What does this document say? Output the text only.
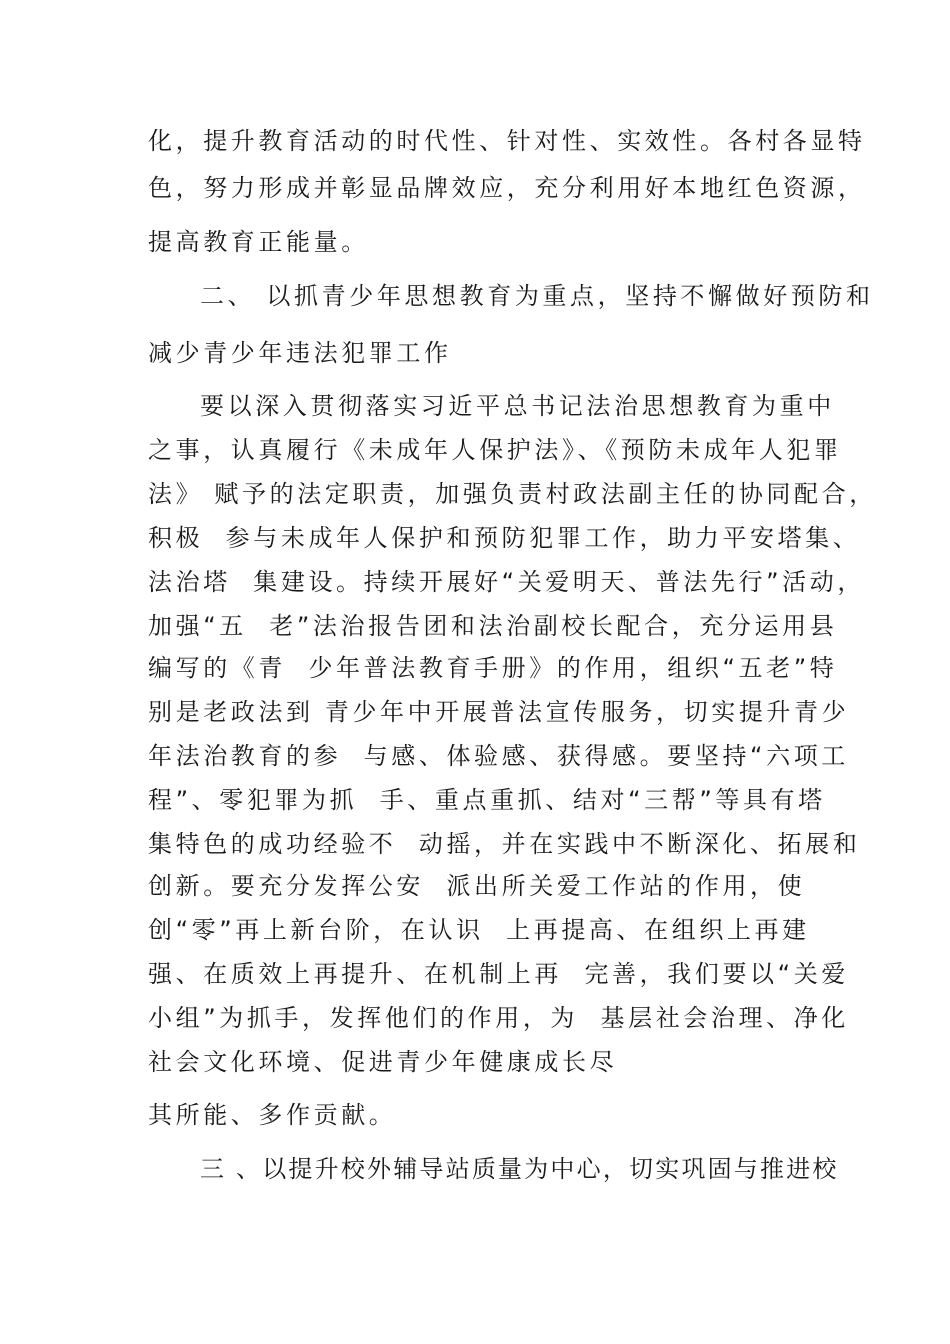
化，提升教育活动的时代性、针对性、实效性。各村各显特
色，努力形成并彰显品牌效应，充分利用好本地红色资源，
提高教育正能量。
二、 以抓青少年思想教育为重点，坚持不懈做好预防和
减少青少年违法犯罪工作
要以深入贯彻落实习近平总书记法治思想教育为重中
之事，认真履行《未成年人保护法》、《预防未成年人犯罪
法》 赋予的法定职责，加强负责村政法副主任的协同配合，
积极  参与未成年人保护和预防犯罪工作，助力平安塔集、
法治塔  集建设。持续开展好“关爱明天、普法先行”活动，
加强“五  老”法治报告团和法治副校长配合，充分运用县
编写的《青  少年普法教育手册》的作用，组织“五老”特
别是老政法到 青少年中开展普法宣传服务，切实提升青少
年法治教育的参  与感、体验感、获得感。要坚持“六项工
程”、零犯罪为抓  手、重点重抓、结对“三帮”等具有塔
集特色的成功经验不  动摇，并在实践中不断深化、拓展和
创新。要充分发挥公安  派出所关爱工作站的作用，使
创“零”再上新台阶，在认识  上再提高、在组织上再建
强、在质效上再提升、在机制上再  完善，我们要以“关爱
小组”为抓手，发挥他们的作用，为  基层社会治理、净化
社会文化环境、促进青少年健康成长尽
其所能、多作贡献。
三 、以提升校外辅导站质量为中心，切实巩固与推进校
